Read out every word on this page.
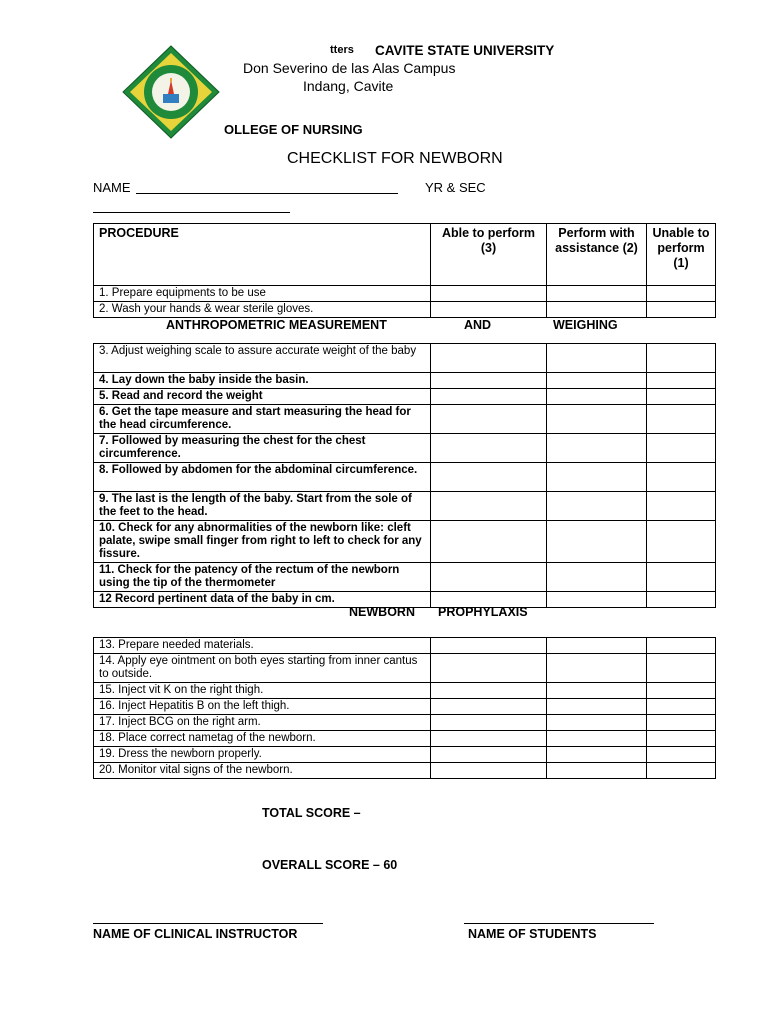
tters CAVITE STATE UNIVERSITY
Don Severino de las Alas Campus
Indang, Cavite
OLLEGE OF NURSING
CHECKLIST FOR NEWBORN
NAME	YR & SEC
PROCEDURE	Able to perform (3)	Perform with assistance (2)	Unable to perform (1)
1. Prepare equipments to be use			
2. Wash your hands & wear sterile gloves.			
ANTHROPOMETRIC MEASUREMENT	AND	WEIGHING
3. Adjust weighing scale to assure accurate weight of the baby			
4. Lay down the baby inside the basin.			
5. Read and record the weight			
6. Get the tape measure and start measuring the head for the head circumference.			
7. Followed by measuring the chest for the chest circumference.			
8. Followed by abdomen for the abdominal circumference.			
9. The last is the length of the baby. Start from the sole of the feet to the head.			
10. Check for any abnormalities of the newborn like: cleft palate, swipe small finger from right to left to check for any fissure.			
11. Check for the patency of the rectum of the newborn using the tip of the thermometer			
12 Record pertinent data of the baby in cm.			
NEWBORN PROPHYLAXIS
13. Prepare needed materials.			
14. Apply eye ointment on both eyes starting from inner cantus to outside.			
15. Inject vit K on the right thigh.			
16. Inject Hepatitis B on the left thigh.			
17. Inject BCG on the right arm.			
18. Place correct nametag of the newborn.			
19. Dress the newborn properly.			
20. Monitor vital signs of the newborn.			
TOTAL SCORE –
OVERALL SCORE – 60
NAME OF CLINICAL INSTRUCTOR	NAME OF STUDENTS
